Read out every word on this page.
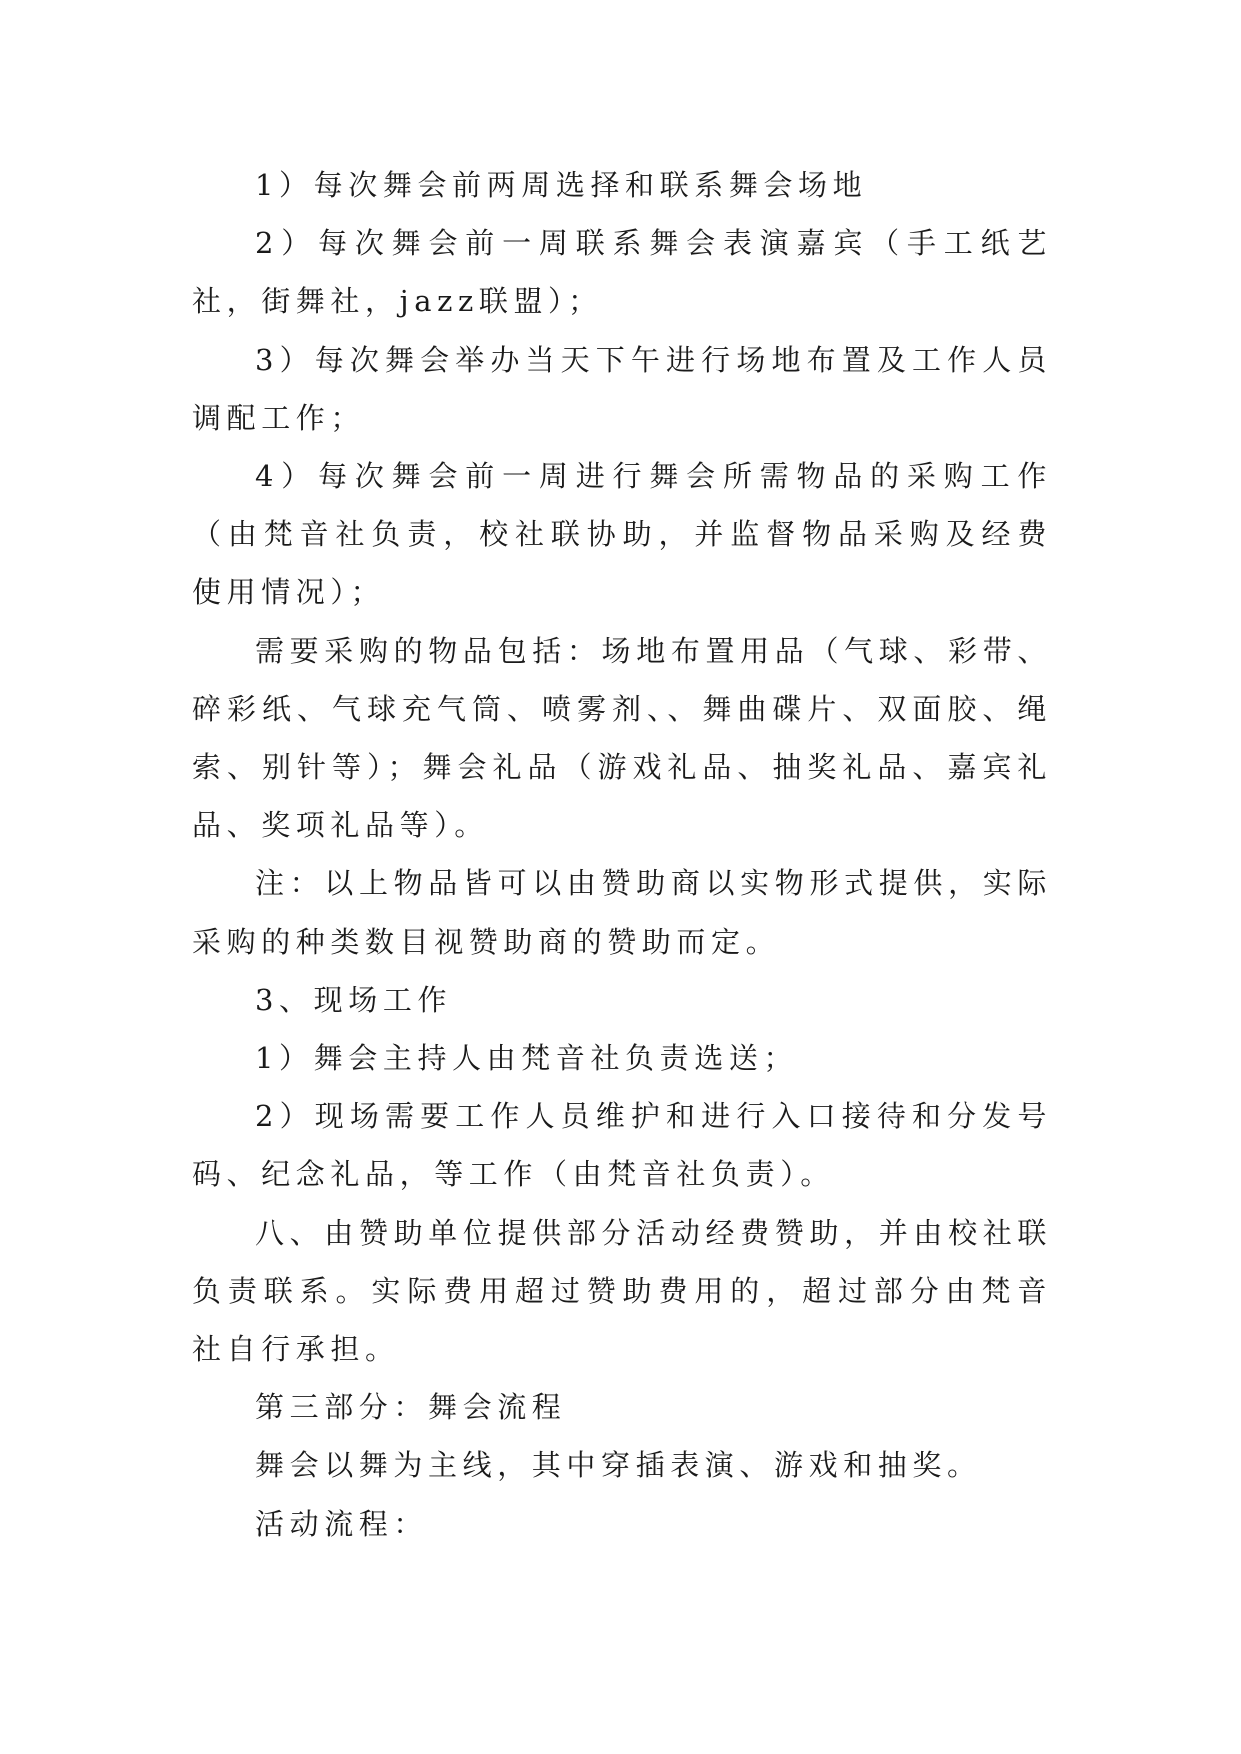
1）每次舞会前两周选择和联系舞会场地

2）每次舞会前一周联系舞会表演嘉宾（手工纸艺社，街舞社，jazz联盟）；

3）每次舞会举办当天下午进行场地布置及工作人员调配工作；

4）每次舞会前一周进行舞会所需物品的采购工作（由梵音社负责，校社联协助，并监督物品采购及经费使用情况）；

需要采购的物品包括：场地布置用品（气球、彩带、碎彩纸、气球充气筒、喷雾剂、、舞曲碟片、双面胶、绳索、别针等）；舞会礼品（游戏礼品、抽奖礼品、嘉宾礼品、奖项礼品等）。

注：以上物品皆可以由赞助商以实物形式提供，实际采购的种类数目视赞助商的赞助而定。

3、现场工作

1）舞会主持人由梵音社负责选送；

2）现场需要工作人员维护和进行入口接待和分发号码、纪念礼品，等工作（由梵音社负责）。

八、由赞助单位提供部分活动经费赞助，并由校社联负责联系。实际费用超过赞助费用的，超过部分由梵音社自行承担。

第三部分：舞会流程

舞会以舞为主线，其中穿插表演、游戏和抽奖。

活动流程：
